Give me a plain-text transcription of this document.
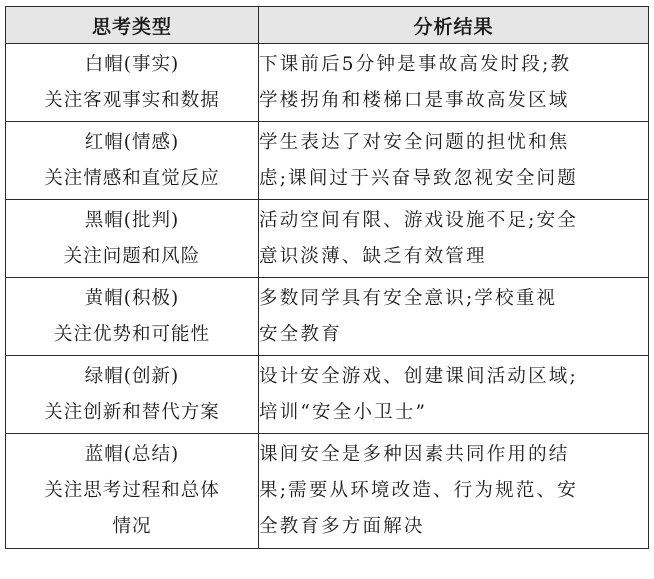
思考类型	分析结果

白帽(事实)
关注客观事实和数据	下课前后5分钟是事故高发时段;教
学楼拐角和楼梯口是事故高发区域

红帽(情感)
关注情感和直觉反应	学生表达了对安全问题的担忧和焦
虑;课间过于兴奋导致忽视安全问题

黑帽(批判)
关注问题和风险	活动空间有限、游戏设施不足;安全
意识淡薄、缺乏有效管理

黄帽(积极)
关注优势和可能性	多数同学具有安全意识;学校重视
安全教育

绿帽(创新)
关注创新和替代方案	设计安全游戏、创建课间活动区域;
培训“安全小卫士”

蓝帽(总结)
关注思考过程和总体
情况	课间安全是多种因素共同作用的结
果;需要从环境改造、行为规范、安
全教育多方面解决
